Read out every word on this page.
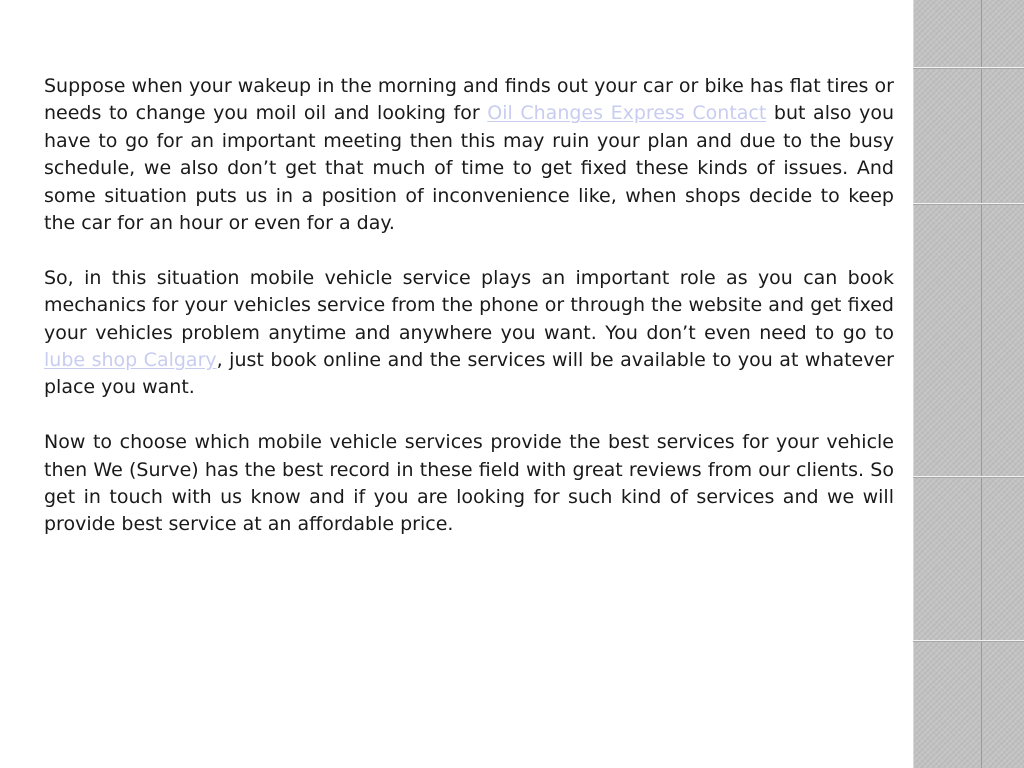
Suppose when your wakeup in the morning and finds out your car or bike has flat tires or needs to change you moil oil and looking for Oil Changes Express Contact but also you have to go for an important meeting then this may ruin your plan and due to the busy schedule, we also don’t get that much of time to get fixed these kinds of issues. And some situation puts us in a position of inconvenience like, when shops decide to keep the car for an hour or even for a day.

So, in this situation mobile vehicle service plays an important role as you can book mechanics for your vehicles service from the phone or through the website and get fixed your vehicles problem anytime and anywhere you want. You don’t even need to go to lube shop Calgary, just book online and the services will be available to you at whatever place you want.

Now to choose which mobile vehicle services provide the best services for your vehicle then We (Surve) has the best record in these field with great reviews from our clients. So get in touch with us know and if you are looking for such kind of services and we will provide best service at an affordable price.
